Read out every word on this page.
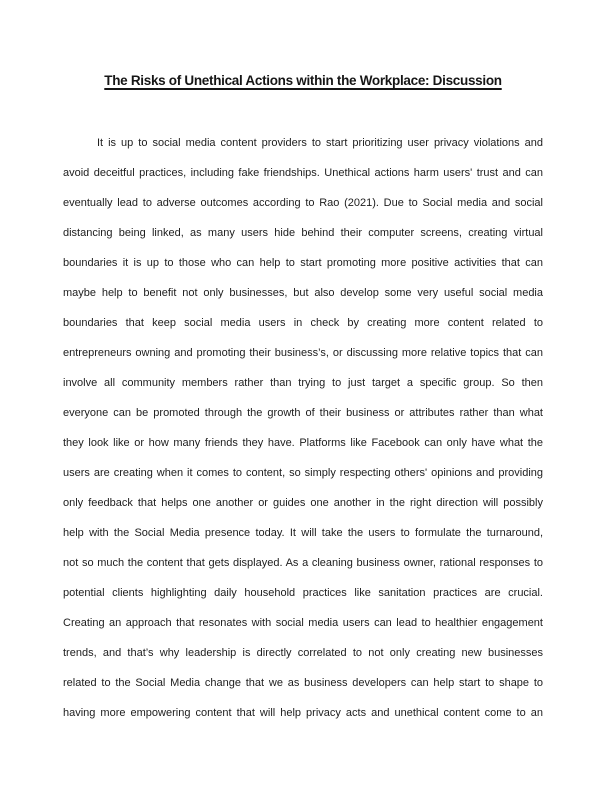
The Risks of Unethical Actions within the Workplace: Discussion
It is up to social media content providers to start prioritizing user privacy violations and
avoid deceitful practices, including fake friendships. Unethical actions harm users' trust and can
eventually lead to adverse outcomes according to Rao (2021). Due to Social media and social
distancing being linked, as many users hide behind their computer screens, creating virtual
boundaries it is up to those who can help to start promoting more positive activities that can
maybe help to benefit not only businesses, but also develop some very useful social media
boundaries that keep social media users in check by creating more content related to
entrepreneurs owning and promoting their business’s, or discussing more relative topics that can
involve all community members rather than trying to just target a specific group. So then
everyone can be promoted through the growth of their business or attributes rather than what
they look like or how many friends they have. Platforms like Facebook can only have what the
users are creating when it comes to content, so simply respecting others' opinions and providing
only feedback that helps one another or guides one another in the right direction will possibly
help with the Social Media presence today. It will take the users to formulate the turnaround,
not so much the content that gets displayed. As a cleaning business owner, rational responses to
potential clients highlighting daily household practices like sanitation practices are crucial.
Creating an approach that resonates with social media users can lead to healthier engagement
trends, and that’s why leadership is directly correlated to not only creating new businesses
related to the Social Media change that we as business developers can help start to shape to
having more empowering content that will help privacy acts and unethical content come to an
